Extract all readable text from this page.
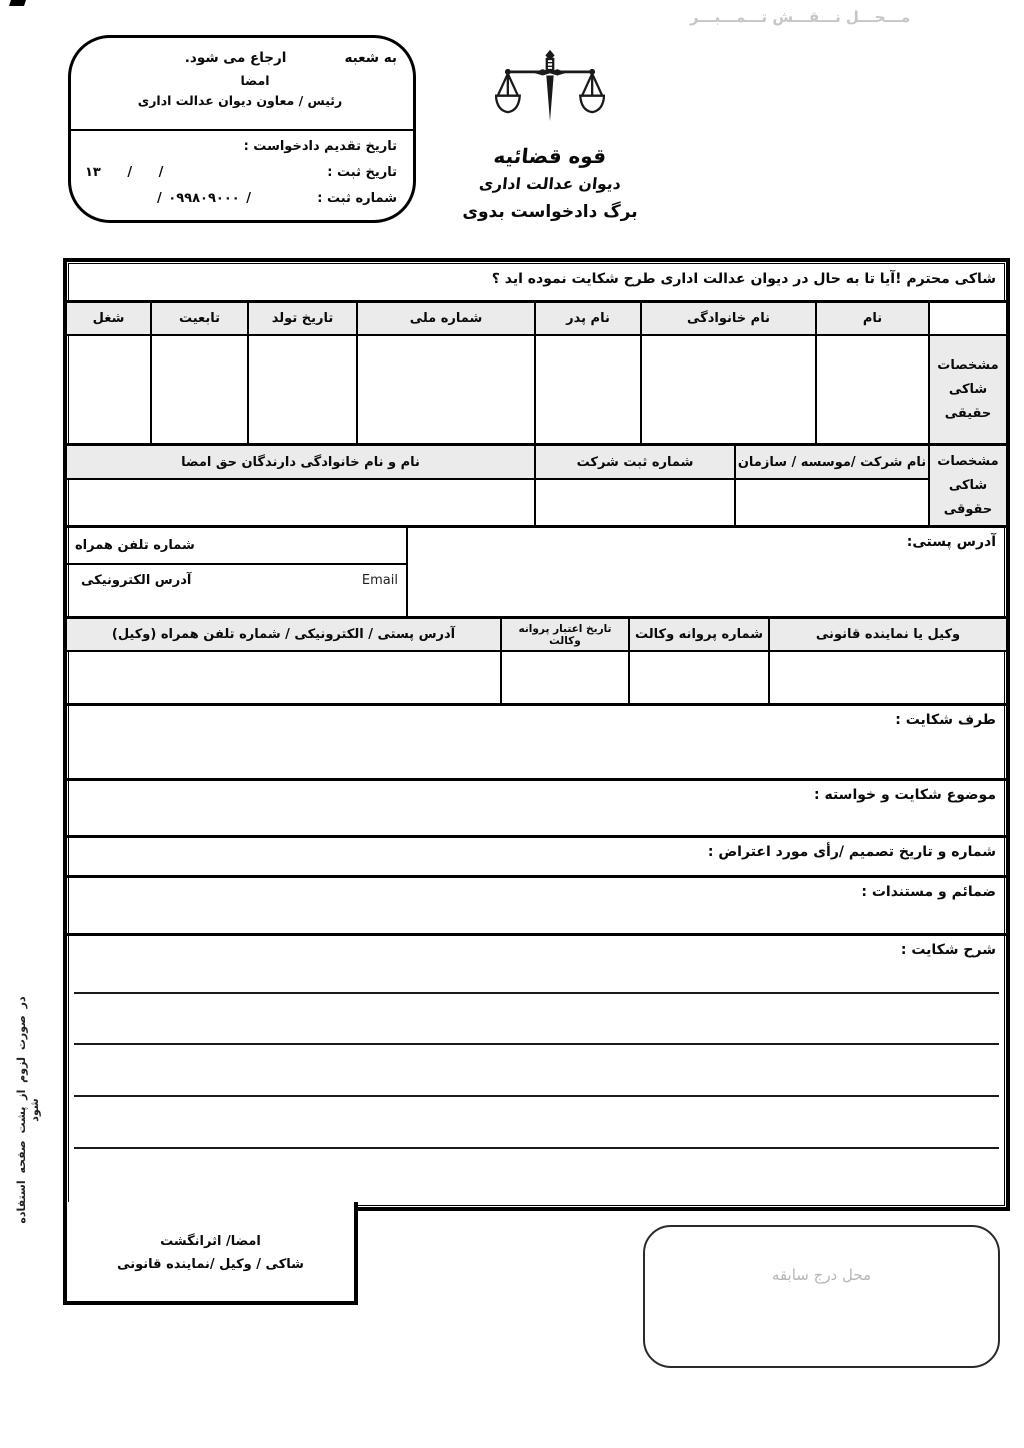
مـــحـــل نـــقـــش تـــمـــبـــر
به شعبه
ارجاع می شود.
امضا
رئیس / معاون دیوان عدالت اداری
تاریخ تقدیم دادخواست :
تاریخ ثبت :
۱۳ / /
شماره ثبت :
/ ۰۹۹۸۰۹۰۰۰ /
قوه قضائیه
دیوان عدالت اداری
برگ دادخواست بدوی
شاکی محترم !آیا تا به حال در دیوان عدالت اداری طرح شکایت نموده اید ؟
نام
نام خانوادگی
نام پدر
شماره ملی
تاریخ تولد
تابعیت
شغل
مشخصات
شاکی
حقیقی
مشخصات
شاکی
حقوقی
نام شرکت /موسسه / سازمان
شماره ثبت شرکت
نام و نام خانوادگی دارندگان حق امضا
آدرس پستی:
شماره تلفن همراه
Email
آدرس الکترونیکی
وکیل یا نماینده قانونی
شماره پروانه وکالت
تاریخ اعتبار پروانه وکالت
آدرس پستی / الکترونیکی / شماره تلفن همراه (وکیل)
طرف شکایت :
موضوع شکایت و خواسته :
شماره و تاریخ تصمیم /رأی مورد اعتراض :
ضمائم و مستندات :
شرح شکایت :
در صورت لزوم از پشت صفحه استفاده شود
امضا/ اثرانگشت
شاکی / وکیل /نماینده قانونی
محل درج سابقه
